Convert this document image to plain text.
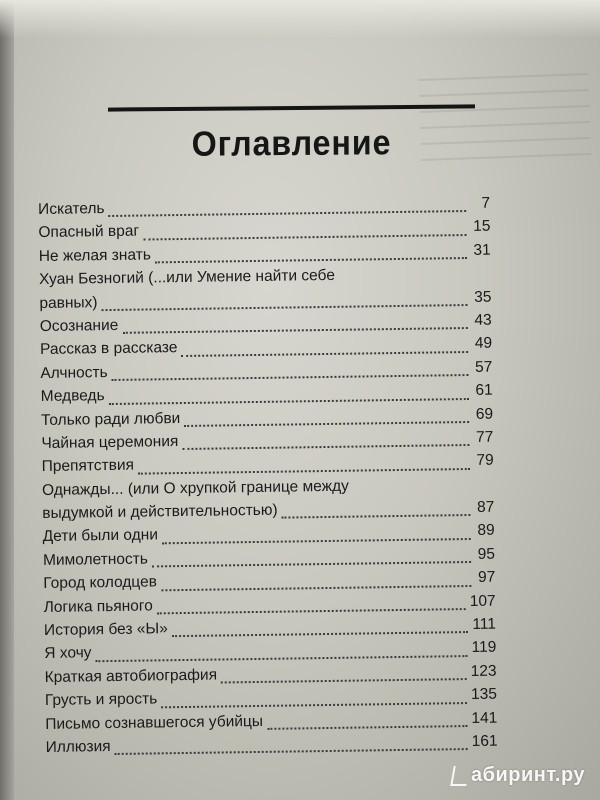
Оглавление
Искатель	7
Опасный враг	15
Не желая знать	31
Хуан Безногий (...или Умение найти себе
равных)	35
Осознание	43
Рассказ в рассказе	49
Алчность	57
Медведь	61
Только ради любви	69
Чайная церемония	77
Препятствия	79
Однажды... (или О хрупкой границе между
выдумкой и действительностью)	87
Дети были одни	89
Мимолетность	95
Город колодцев	97
Логика пьяного	107
История без «Ы»	111
Я хочу	119
Краткая автобиография	123
Грусть и ярость	135
Письмо сознавшегося убийцы	141
Иллюзия	161
абиринт.ру
